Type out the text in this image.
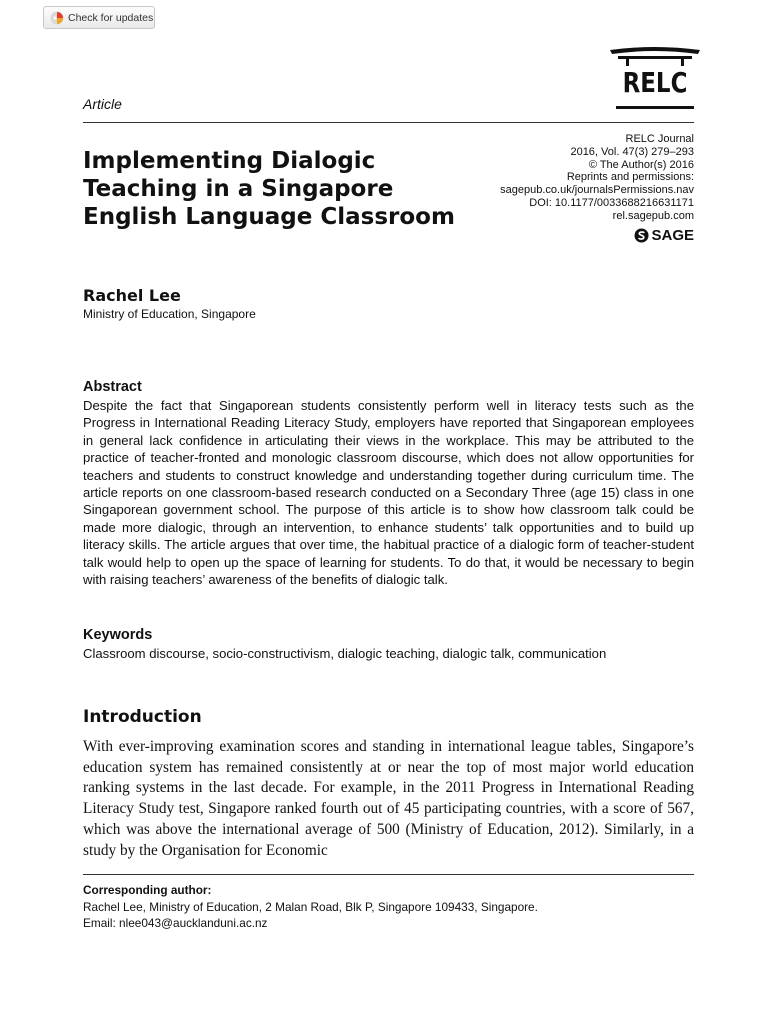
Check for updates
RELC
Article
Implementing Dialogic Teaching in a Singapore English Language Classroom
RELC Journal
2016, Vol. 47(3) 279–293
© The Author(s) 2016
Reprints and permissions:
sagepub.co.uk/journalsPermissions.nav
DOI: 10.1177/0033688216631171
rel.sagepub.com
SAGE
Rachel Lee
Ministry of Education, Singapore
Abstract

Despite the fact that Singaporean students consistently perform well in literacy tests such as the Progress in International Reading Literacy Study, employers have reported that Singaporean employees in general lack confidence in articulating their views in the workplace. This may be attributed to the practice of teacher-fronted and monologic classroom discourse, which does not allow opportunities for teachers and students to construct knowledge and understanding together during curriculum time. The article reports on one classroom-based research conducted on a Secondary Three (age 15) class in one Singaporean government school. The purpose of this article is to show how classroom talk could be made more dialogic, through an intervention, to enhance students’ talk opportunities and to build up literacy skills. The article argues that over time, the habitual practice of a dialogic form of teacher-student talk would help to open up the space of learning for students. To do that, it would be necessary to begin with raising teachers’ awareness of the benefits of dialogic talk.

Keywords
Classroom discourse, socio-constructivism, dialogic teaching, dialogic talk, communication
Introduction

With ever-improving examination scores and standing in international league tables, Singapore’s education system has remained consistently at or near the top of most major world education ranking systems in the last decade. For example, in the 2011 Progress in International Reading Literacy Study test, Singapore ranked fourth out of 45 participating countries, with a score of 567, which was above the international average of 500 (Ministry of Education, 2012). Similarly, in a study by the Organisation for Economic

Corresponding author:
Rachel Lee, Ministry of Education, 2 Malan Road, Blk P, Singapore 109433, Singapore.
Email: nlee043@aucklanduni.ac.nz
